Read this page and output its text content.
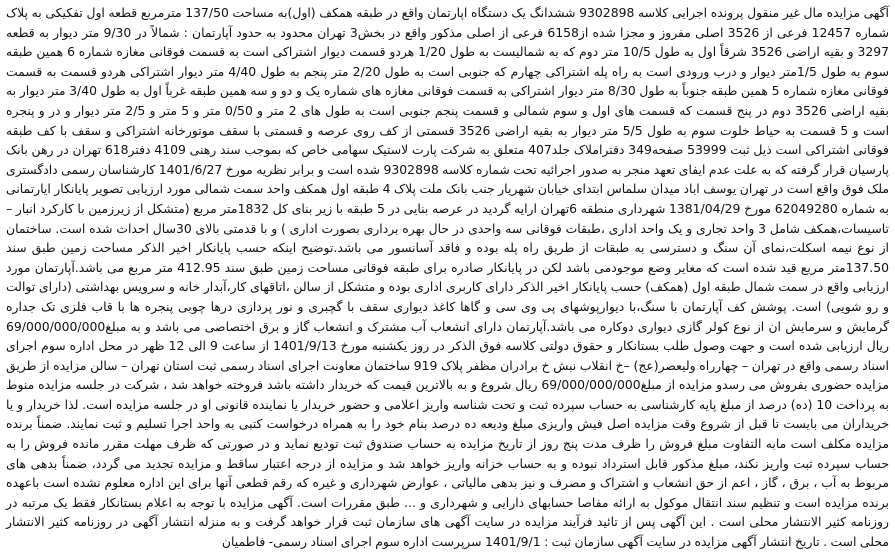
آگهی مزایده مال غیر منقول پرونده اجرایی کلاسه 9302898 ششدانگ یک دستگاه اپارتمان واقع در طبقه همکف (اول)به مساحت 137/50 مترمربع قطعه اول تفکیکی به پلاک شماره 12457 فرعی از 3526 اصلی مفروز و مجزا شده از6158 فرعی از اصلی مذکور واقع در بخش3 تهران محدود به حدود آپارتمان : شمالاً در 9/30 متر دیوار به قطعه 3297 و بقیه اراضی 3526 شرقاً اول به طول 10/5 متر دوم که به شمالیست به طول 1/20 هردو قسمت دیوار اشتراکی است به قسمت فوقانی مغازه شماره 6 همین طبقه سوم به طول 1/5متر دیوار و درب ورودی است به راه پله اشتراکی چهارم که جنوبی است به طول 2/20 متر پنجم به طول 4/40 متر دیوار اشتراکی هردو قسمت به قسمت فوقانی مغازه شماره 5 همین طبقه جنوباً به طول 8/30 متر دیوار اشتراکی به قسمت فوقانی مغازه های شماره یک و دو و سه همین طبقه غرباً اول به طول 3/40 متر دیوار به بقیه اراضی 3526 دوم در پنج قسمت که قسمت های اول و سوم شمالی و قسمت پنجم جنوبی است به طول های 2 متر و 0/50 متر و 5 متر و 2/5 متر دیوار و در و پنجره است و 5 قسمت به حیاط خلوت سوم به طول 5/5 متر دیوار به بقیه اراضی 3526 قسمتی از کف روی عرصه و قسمتی با سقف موتورخانه اشتراکی و سقف با کف طبقه فوقانی اشتراکی است ذیل ثبت 53999 صفحه349 دفتراملاک جلد407 متعلق به شرکت پارت لاستیک سهامی خاص که بموجب سند رهنی 4109 دفتر618 تهران در رهن بانک پارسیان قرار گرفته که به علت عدم ایفای تعهد منجر به صدور اجرائیه تحت شماره کلاسه 9302898 شده است و برابر نظریه مورخ 1401/6/27 کارشناسان رسمی دادگستری ملک فوق واقع است در تهران یوسف اباد میدان سلماس ابتدای خیابان شهریار جنب بانک ملت پلاک 4 طبقه اول همکف واحد سمت شمالی مورد ارزیابی تصویر پایانکار ایارتمانی به شماره 62049280 مورخ 1381/04/29 شهرداری منطقه 6تهران ارایه گردید در عرصه بنایی در 5 طبقه با زیر بنای کل 1832متر مربع (متشکل از زیرزمین با کارکرد انبار –تاسیسات،همکف شامل 3 واحد تجاری و یک واحد اداری ،طبقات فوقانی سه واحدی در حال بهره برداری بصورت اداری ) و با قدمتی بالای 30سال احداث شده است. ساختمان از نوع نیمه اسکلت،نمای آن سنگ و دسترسی به طبقات از طریق راه پله بوده و فاقد آسانسور می باشد.توضیح اینکه حسب پایانکار اخیر الذکر مساحت زمین طبق سند 137.50متر مربع قید شده است که مغایر وضع موجودمی باشد لکن در پایانکار صادره برای طبقه فوقانی مساحت زمین طبق سند 412.95 متر مربع می باشد.آپارتمان مورد ارزیابی واقع در سمت شمال طبقه اول (همکف) حسب پایانکار اخیر الذکر دارای کاربری اداری بوده و متشکل از سالن ،اتاقهای کار،آبدار خانه و سرویس بهداشتی (دارای توالت و رو شویی) است. پوشش کف آپارتمان با سنگ،با دیوارپوشهای پی وی سی و گاها کاغذ دیواری سقف با گچبری و نور پردازی درها چوبی پنجره ها با قاب فلزی تک جداره گرمایش و سرمایش ان از نوع کولر گازی دیواری دوکاره می باشد.آپارتمان دارای انشعاب آب مشترک و انشعاب گاز و برق اختصاصی می باشد و به مبلغ69/000/000/000 ریال ارزیابی شده است و جهت وصول طلب بستانکار و حقوق دولتی کلاسه فوق الذکر در روز یکشنبه مورخ 1401/9/13 از ساعت 9 الی 12 ظهر در محل اداره سوم اجرای اسناد رسمی واقع در تهران – چهارراه ولیعصر(عج) –خ انقلاب نبش خ برادران مظفر پلاک 919 ساختمان معاونت اجرای اسناد رسمی ثبت استان تهران – سالن مزایده از طریق مزایده حضوری بفروش می رسدو مزایده از مبلغ69/000/000/000 ریال شروع و به بالاترین قیمت که خریدار داشته باشد فروخته خواهد شد ، شرکت در جلسه مزایده منوط به پرداخت 10 (ده) درصد از مبلغ پایه کارشناسی به حساب سپرده ثبت و تحت شناسه واریز اعلامی و حضور خریدار یا نماینده قانونی او در جلسه مزایده است. لذا خریدار و یا خریداران می بایست تا قبل از شروع وقت مزایده اصل فیش واریزی مبلغ ودیعه ده درصد بنام خود را به همراه درخواست کتبی به واحد اجرا تسلیم و ثبت نمایند. ضمناً برنده مزایده مکلف است مابه التفاوت مبلغ فروش را ظرف مدت پنج روز از تاریخ مزایده به حساب صندوق ثبت تودیع نماید و در صورتی که ظرف مهلت مقرر مانده فروش را به حساب سپرده ثبت واریز نکند، مبلغ مذکور قابل استرداد نبوده و به حساب خزانه واریز خواهد شد و مزایده از درجه اعتبار ساقط و مزایده تجدید می گردد، ضمناً بدهی های مربوط به آب ، برق ، گاز ، اعم از حق انشعاب و اشتراک و مصرف و نیز بدهی مالیاتی ، عوارض شهرداری و غیره که رقم قطعی آنها برای این اداره معلوم نشده است باعهده برنده مزایده است و تنظیم سند انتقال موکول به ارائه مفاصا حسابهای دارایی و شهرداری و ... طبق مقررات است. آگهی مزایده با توجه به اعلام بستانکار فقط یک مرتبه در روزنامه کثیر الانتشار محلی است . این آگهی پس از تائید فرآیند مزایده در سایت آگهی های سازمان ثبت قرار خواهد گرفت و به منزله انتشار آگهی در روزنامه کثیر الانتشار محلی است . تاریخ انتشار آگهی مزایده در سایت آگهی سازمان ثبت : 1401/9/1 سرپرست اداره سوم اجرای اسناد رسمی- فاطمیان
